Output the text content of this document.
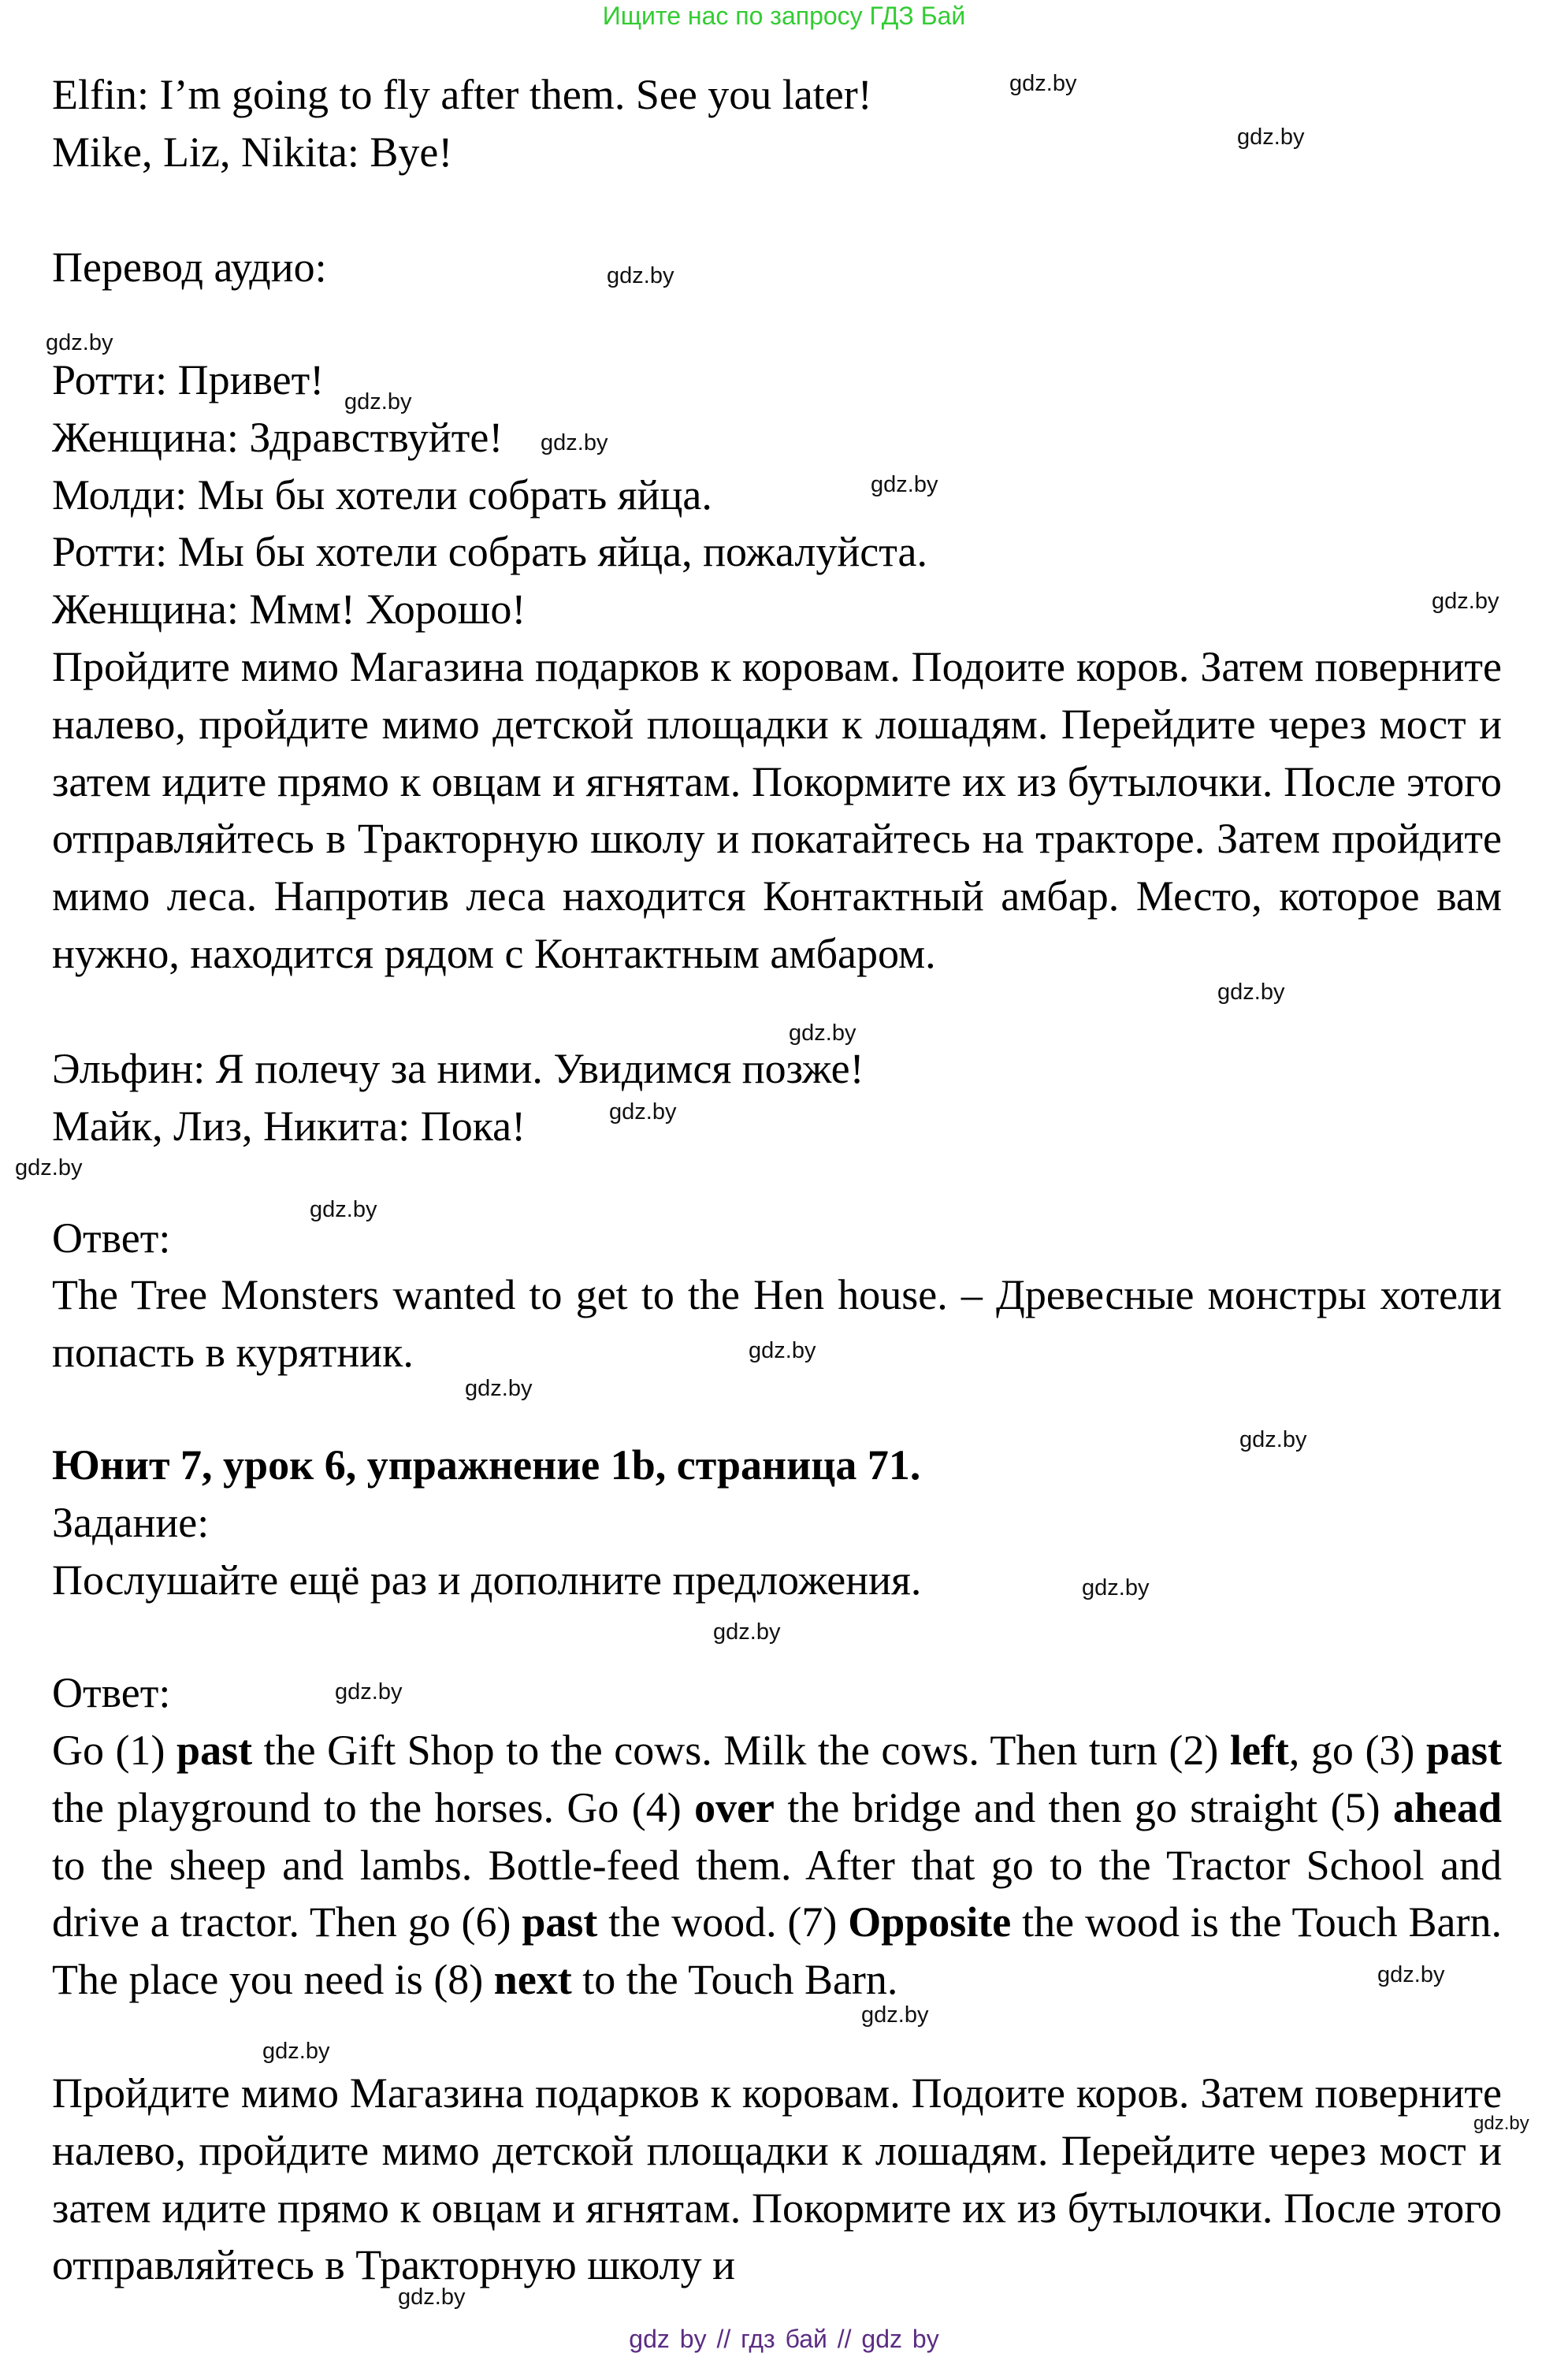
Ищите нас по запросу ГДЗ Бай

Elfin: I’m going to fly after them. See you later!

Mike, Liz, Nikita: Bye!

Перевод аудио:

Ротти: Привет!

Женщина: Здравствуйте!

Молди: Мы бы хотели собрать яйца.

Ротти: Мы бы хотели собрать яйца, пожалуйста.

Женщина: Ммм! Хорошо!

Пройдите мимо Магазина подарков к коровам. Подоите коров. Затем поверните налево, пройдите мимо детской площадки к лошадям. Перейдите через мост и затем идите прямо к овцам и ягнятам. Покормите их из бутылочки. После этого отправляйтесь в Тракторную школу и покатайтесь на тракторе. Затем пройдите мимо леса. Напротив леса находится Контактный амбар. Место, которое вам нужно, находится рядом с Контактным амбаром.

Эльфин: Я полечу за ними. Увидимся позже!

Майк, Лиз, Никита: Пока!

Ответ:

The Tree Monsters wanted to get to the Hen house. – Древесные монстры хотели попасть в курятник.

Юнит 7, урок 6, упражнение 1b, страница 71.

Задание:

Послушайте ещё раз и дополните предложения.

Ответ:

Go (1) past the Gift Shop to the cows. Milk the cows. Then turn (2) left, go (3) past the playground to the horses. Go (4) over the bridge and then go straight (5) ahead to the sheep and lambs. Bottle-feed them. After that go to the Tractor School and drive a tractor. Then go (6) past the wood. (7) Opposite the wood is the Touch Barn. The place you need is (8) next to the Touch Barn.

Пройдите мимо Магазина подарков к коровам. Подоите коров. Затем поверните налево, пройдите мимо детской площадки к лошадям. Перейдите через мост и затем идите прямо к овцам и ягнятам. Покормите их из бутылочки. После этого отправляйтесь в Тракторную школу и

gdz.by
gdz.by
gdz.by
gdz.by
gdz.by
gdz.by
gdz.by
gdz.by
gdz.by
gdz.by
gdz.by
gdz.by
gdz.by
gdz.by
gdz.by
gdz.by
gdz.by
gdz.by
gdz.by
gdz.by
gdz.by
gdz.by
gdz.by
gdz.by
gdz by // гдз бай // gdz by
